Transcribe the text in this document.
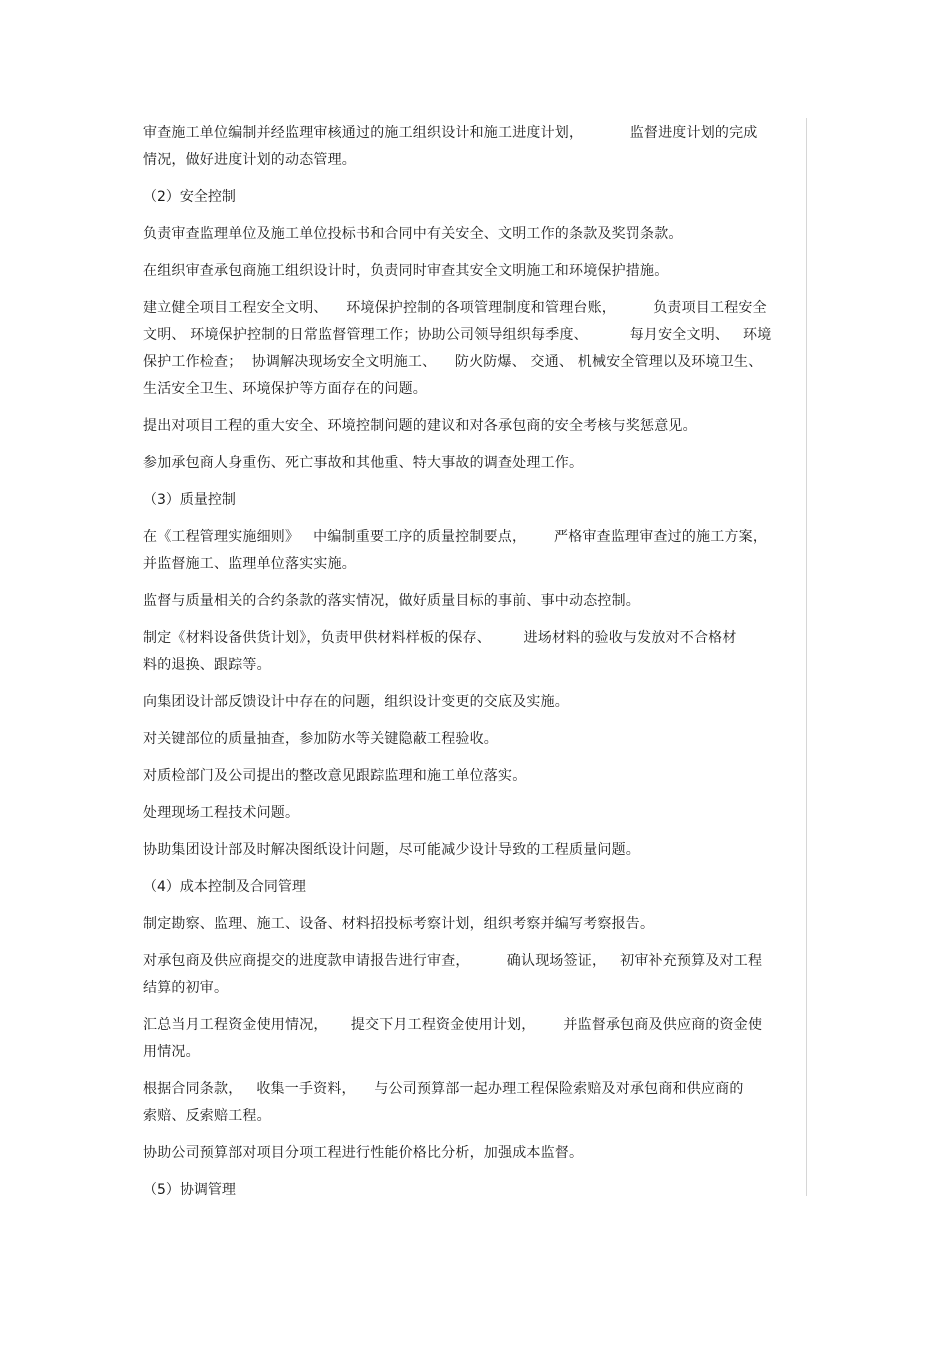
审查施工单位编制并经监理审核通过的施工组织设计和施工进度计划，          监督进度计划的完成
情况，做好进度计划的动态管理。
（2）安全控制
负责审查监理单位及施工单位投标书和合同中有关安全、文明工作的条款及奖罚条款。
在组织审查承包商施工组织设计时，负责同时审查其安全文明施工和环境保护措施。
建立健全项目工程安全文明、    环境保护控制的各项管理制度和管理台账，        负责项目工程安全
文明、 环境保护控制的日常监督管理工作；协助公司领导组织每季度、         每月安全文明、   环境
保护工作检查；  协调解决现场安全文明施工、    防火防爆、 交通、 机械安全管理以及环境卫生、
生活安全卫生、环境保护等方面存在的问题。
提出对项目工程的重大安全、环境控制问题的建议和对各承包商的安全考核与奖惩意见。
参加承包商人身重伤、死亡事故和其他重、特大事故的调查处理工作。
（3）质量控制
在《工程管理实施细则》   中编制重要工序的质量控制要点，      严格审查监理审查过的施工方案，
并监督施工、监理单位落实实施。
监督与质量相关的合约条款的落实情况，做好质量目标的事前、事中动态控制。
制定《材料设备供货计划》，负责甲供材料样板的保存、       进场材料的验收与发放对不合格材
料的退换、跟踪等。
向集团设计部反馈设计中存在的问题，组织设计变更的交底及实施。
对关键部位的质量抽查，参加防水等关键隐蔽工程验收。
对质检部门及公司提出的整改意见跟踪监理和施工单位落实。
处理现场工程技术问题。
协助集团设计部及时解决图纸设计问题，尽可能减少设计导致的工程质量问题。
（4）成本控制及合同管理
制定勘察、监理、施工、设备、材料招投标考察计划，组织考察并编写考察报告。
对承包商及供应商提交的进度款申请报告进行审查，        确认现场签证，   初审补充预算及对工程
结算的初审。
汇总当月工程资金使用情况，     提交下月工程资金使用计划，      并监督承包商及供应商的资金使
用情况。
根据合同条款，   收集一手资料，    与公司预算部一起办理工程保险索赔及对承包商和供应商的
索赔、反索赔工程。
协助公司预算部对项目分项工程进行性能价格比分析，加强成本监督。
（5）协调管理
